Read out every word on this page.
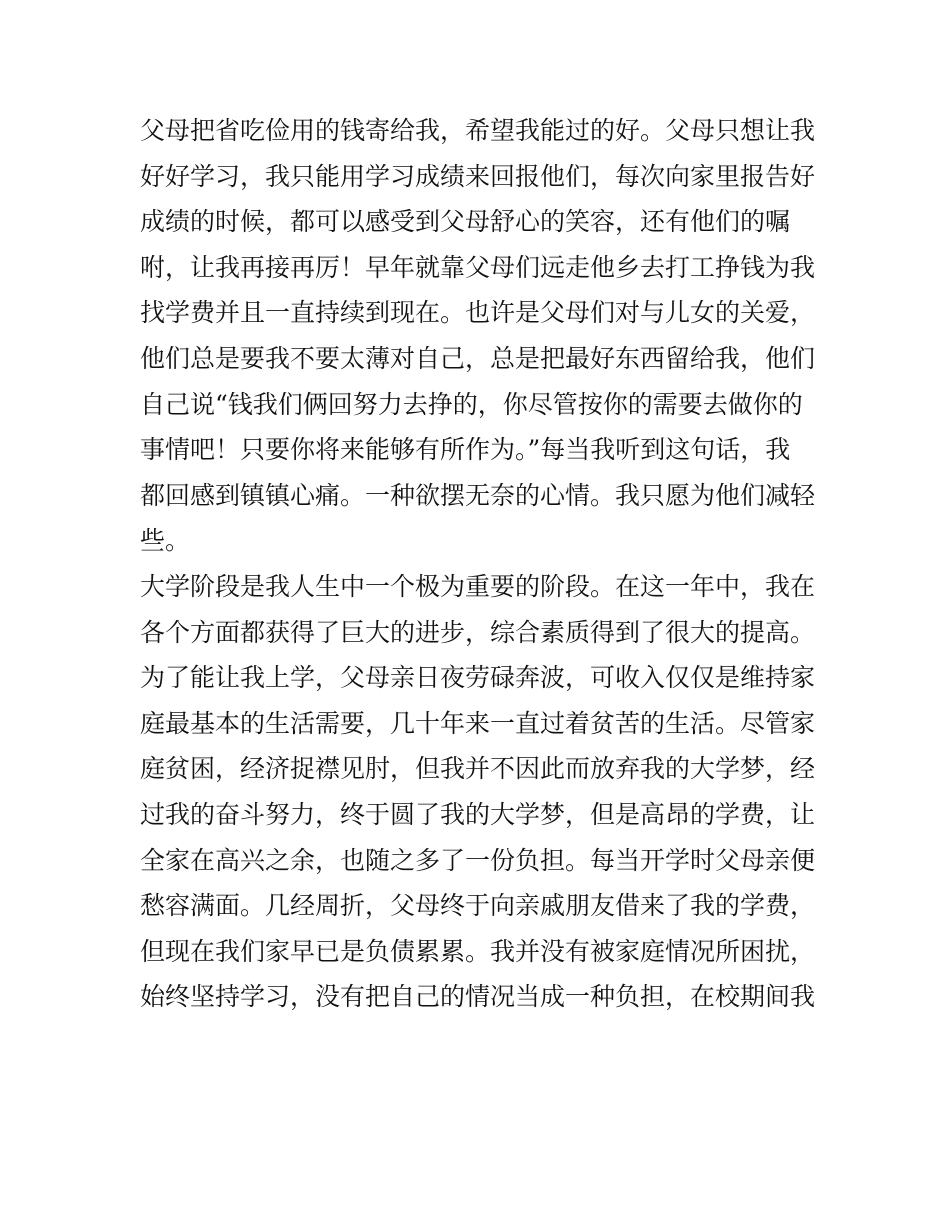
父母把省吃俭用的钱寄给我，希望我能过的好。父母只想让我
好好学习，我只能用学习成绩来回报他们，每次向家里报告好
成绩的时候，都可以感受到父母舒心的笑容，还有他们的嘱
咐，让我再接再厉！早年就靠父母们远走他乡去打工挣钱为我
找学费并且一直持续到现在。也许是父母们对与儿女的关爱，
他们总是要我不要太薄对自己，总是把最好东西留给我，他们
自己说“钱我们俩回努力去挣的，你尽管按你的需要去做你的
事情吧！只要你将来能够有所作为。”每当我听到这句话，我
都回感到镇镇心痛。一种欲摆无奈的心情。我只愿为他们减轻
些。
大学阶段是我人生中一个极为重要的阶段。在这一年中，我在
各个方面都获得了巨大的进步，综合素质得到了很大的提高。
为了能让我上学，父母亲日夜劳碌奔波，可收入仅仅是维持家
庭最基本的生活需要，几十年来一直过着贫苦的生活。尽管家
庭贫困，经济捉襟见肘，但我并不因此而放弃我的大学梦，经
过我的奋斗努力，终于圆了我的大学梦，但是高昂的学费，让
全家在高兴之余，也随之多了一份负担。每当开学时父母亲便
愁容满面。几经周折，父母终于向亲戚朋友借来了我的学费，
但现在我们家早已是负债累累。我并没有被家庭情况所困扰，
始终坚持学习，没有把自己的情况当成一种负担，在校期间我
